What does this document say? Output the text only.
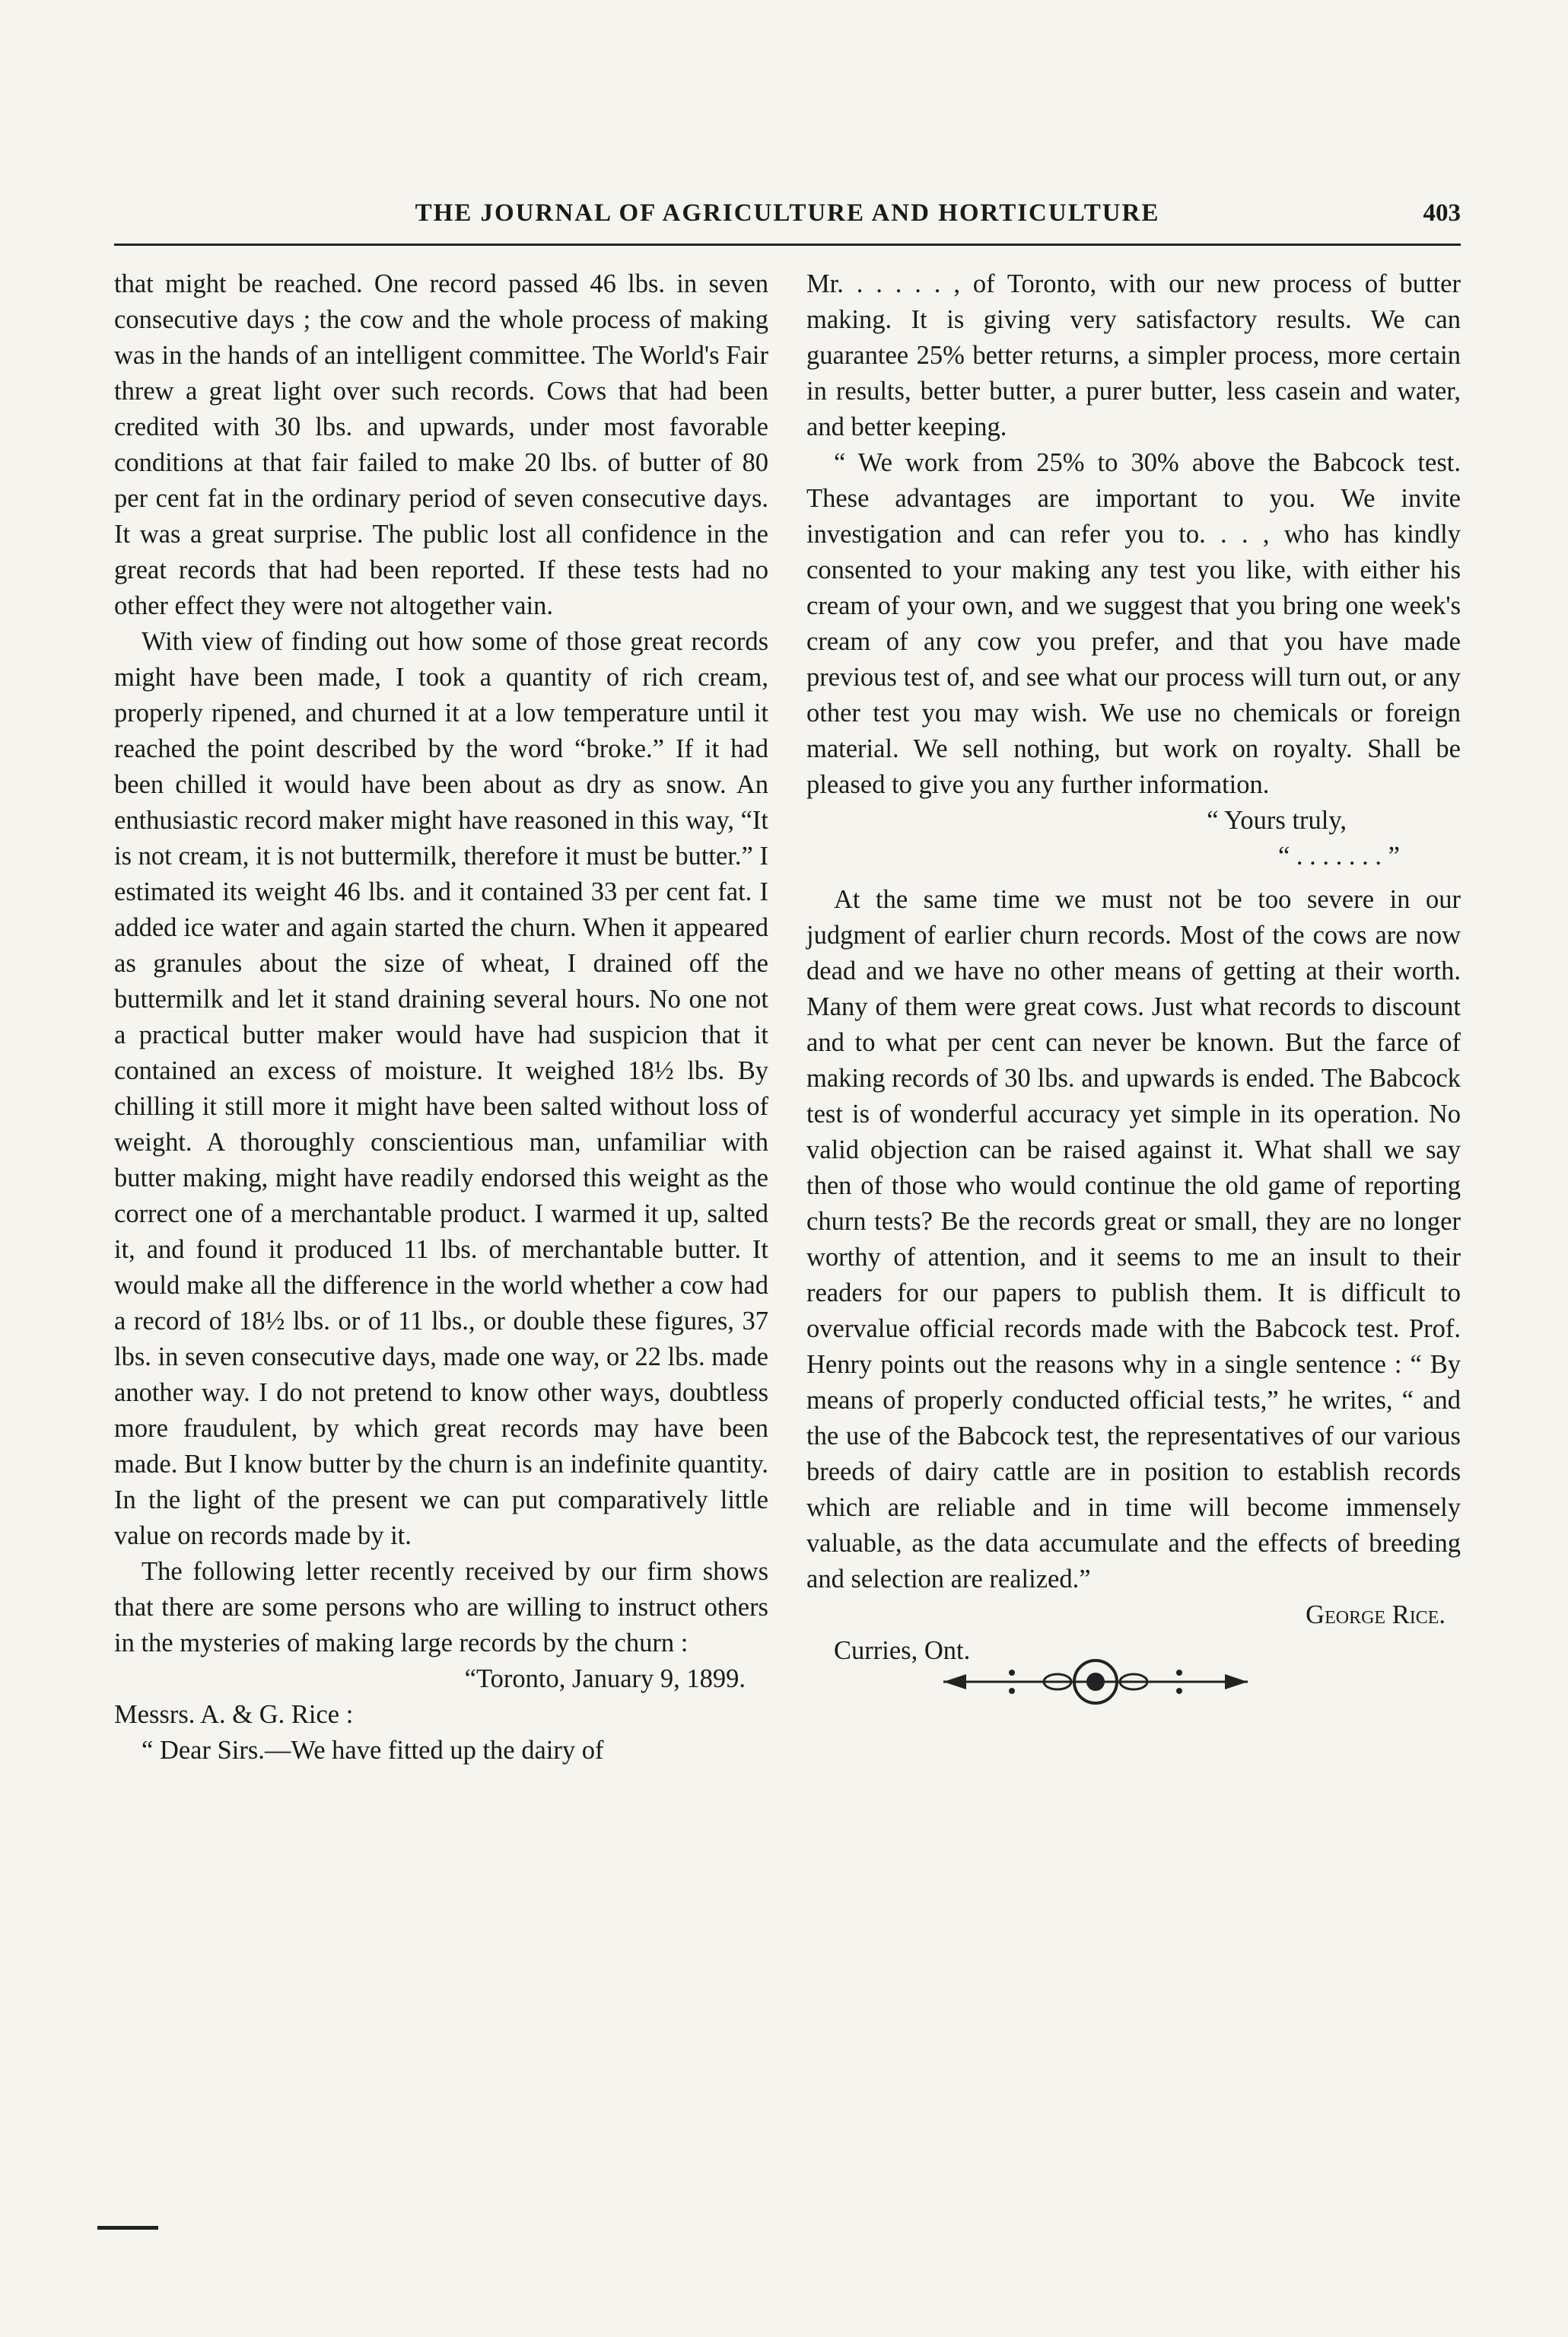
THE JOURNAL OF AGRICULTURE AND HORTICULTURE	403

that might be reached. One record passed 46 lbs. in seven consecutive days ; the cow and the whole process of making was in the hands of an intelligent committee. The World's Fair threw a great light over such records. Cows that had been credited with 30 lbs. and upwards, under most favorable conditions at that fair failed to make 20 lbs. of butter of 80 per cent fat in the ordinary period of seven consecutive days. It was a great surprise. The public lost all confidence in the great records that had been reported. If these tests had no other effect they were not altogether vain.

With view of finding out how some of those great records might have been made, I took a quantity of rich cream, properly ripened, and churned it at a low temperature until it reached the point described by the word “broke.” If it had been chilled it would have been about as dry as snow. An enthusiastic record maker might have reasoned in this way, “It is not cream, it is not buttermilk, therefore it must be butter.” I estimated its weight 46 lbs. and it contained 33 per cent fat. I added ice water and again started the churn. When it appeared as granules about the size of wheat, I drained off the buttermilk and let it stand draining several hours. No one not a practical butter maker would have had suspicion that it contained an excess of moisture. It weighed 18½ lbs. By chilling it still more it might have been salted without loss of weight. A thoroughly conscientious man, unfamiliar with butter making, might have readily endorsed this weight as the correct one of a merchantable product. I warmed it up, salted it, and found it produced 11 lbs. of merchantable butter. It would make all the difference in the world whether a cow had a record of 18½ lbs. or of 11 lbs., or double these figures, 37 lbs. in seven consecutive days, made one way, or 22 lbs. made another way. I do not pretend to know other ways, doubtless more fraudulent, by which great records may have been made. But I know butter by the churn is an indefinite quantity. In the light of the present we can put comparatively little value on records made by it.

The following letter recently received by our firm shows that there are some persons who are willing to instruct others in the mysteries of making large records by the churn :

“Toronto, January 9, 1899.

Messrs. A. & G. Rice :

“ Dear Sirs.—We have fitted up the dairy of

Mr. . . . . . , of Toronto, with our new process of butter making. It is giving very satisfactory results. We can guarantee 25% better returns, a simpler process, more certain in results, better butter, a purer butter, less casein and water, and better keeping.

“ We work from 25% to 30% above the Babcock test. These advantages are important to you. We invite investigation and can refer you to. . . , who has kindly consented to your making any test you like, with either his cream of your own, and we suggest that you bring one week's cream of any cow you prefer, and that you have made previous test of, and see what our process will turn out, or any other test you may wish. We use no chemicals or foreign material. We sell nothing, but work on royalty. Shall be pleased to give you any further information.

“ Yours truly,

“ . . . . . . . ”

At the same time we must not be too severe in our judgment of earlier churn records. Most of the cows are now dead and we have no other means of getting at their worth. Many of them were great cows. Just what records to discount and to what per cent can never be known. But the farce of making records of 30 lbs. and upwards is ended. The Babcock test is of wonderful accuracy yet simple in its operation. No valid objection can be raised against it. What shall we say then of those who would continue the old game of reporting churn tests? Be the records great or small, they are no longer worthy of attention, and it seems to me an insult to their readers for our papers to publish them. It is difficult to overvalue official records made with the Babcock test. Prof. Henry points out the reasons why in a single sentence : “ By means of properly conducted official tests,” he writes, “ and the use of the Babcock test, the representatives of our various breeds of dairy cattle are in position to establish records which are reliable and in time will become immensely valuable, as the data accumulate and the effects of breeding and selection are realized.”

George Rice.

Curries, Ont.
